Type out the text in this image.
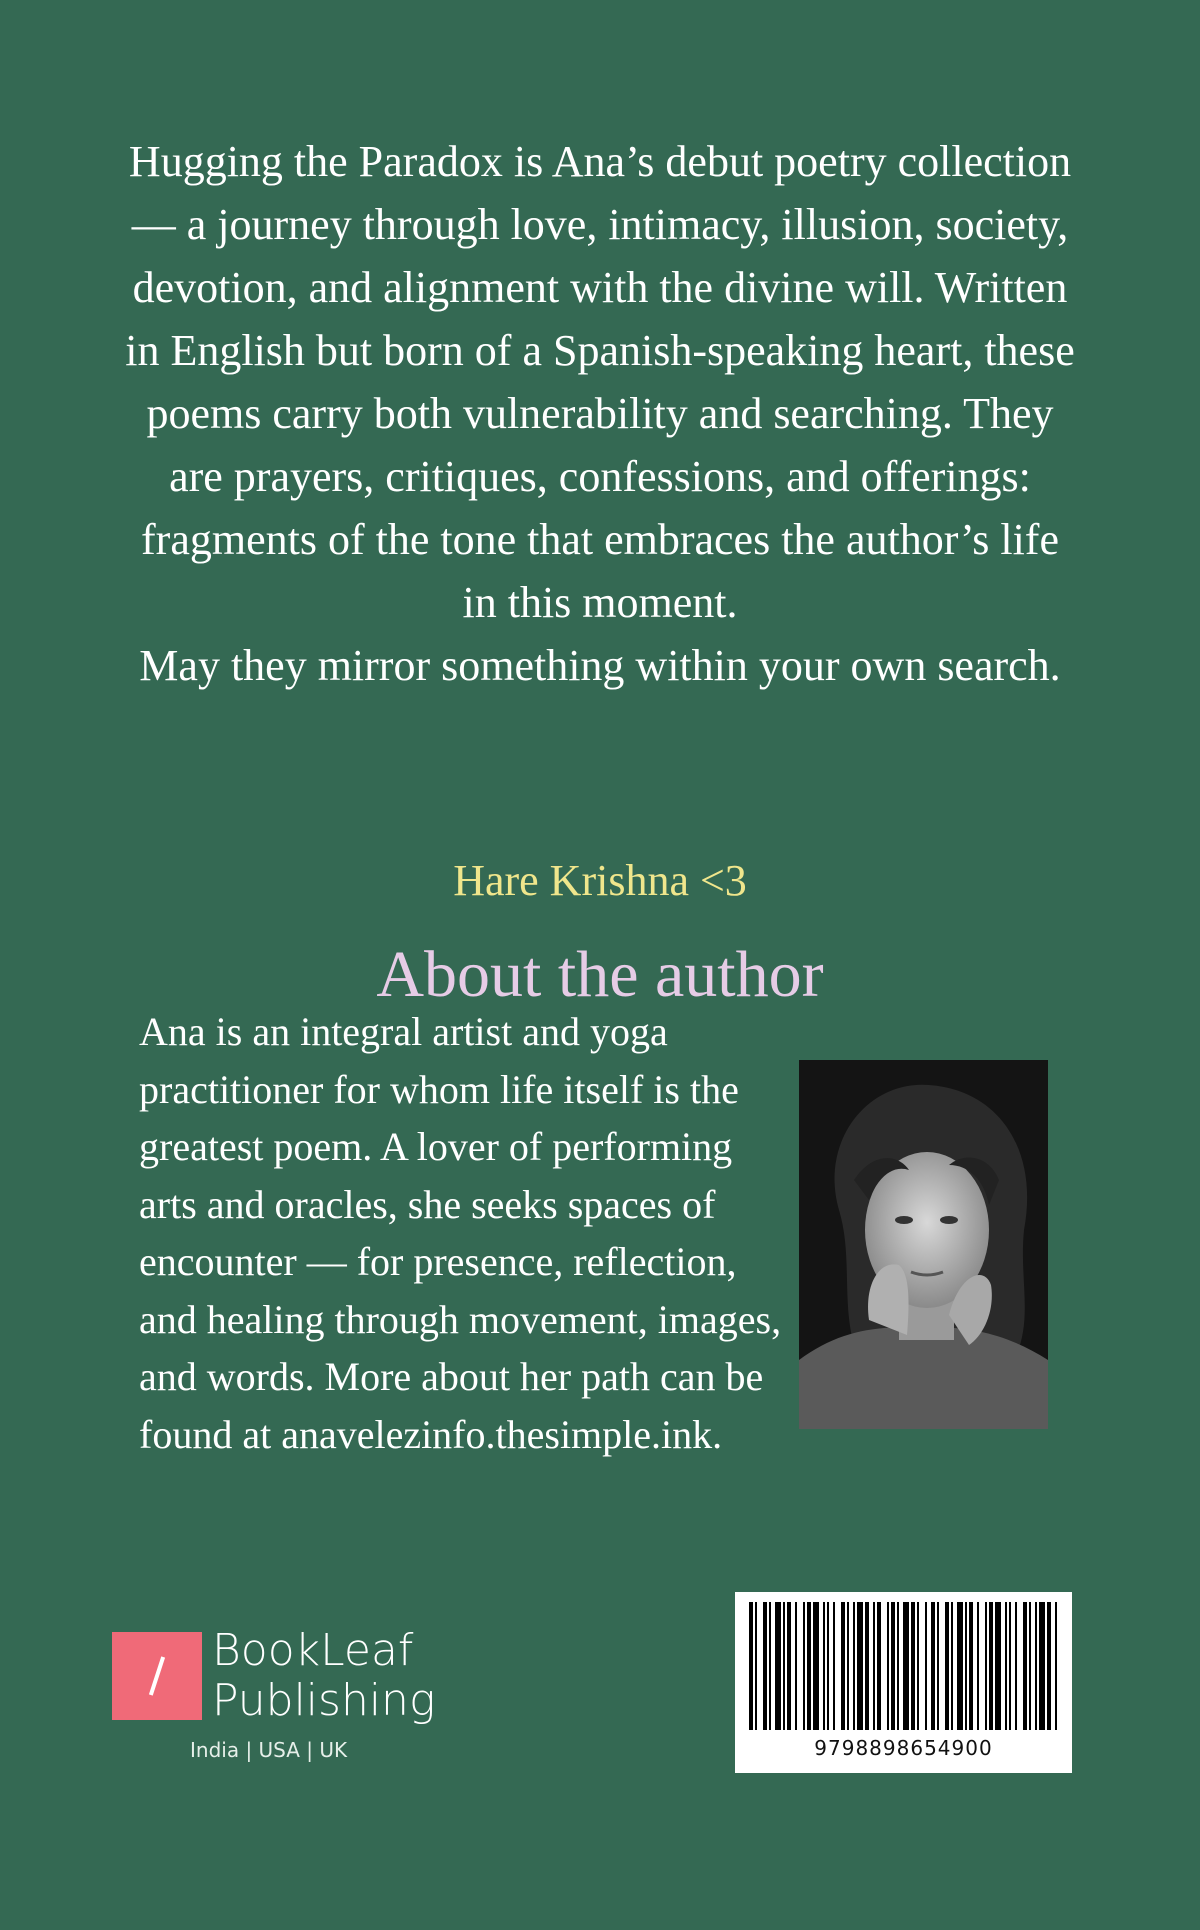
Hugging the Paradox is Ana’s debut poetry collection — a journey through love, intimacy, illusion, society, devotion, and alignment with the divine will. Written in English but born of a Spanish-speaking heart, these poems carry both vulnerability and searching. They are prayers, critiques, confessions, and offerings: fragments of the tone that embraces the author’s life in this moment.

May they mirror something within your own search.

Hare Krishna <3
About the author
Ana is an integral artist and yoga practitioner for whom life itself is the greatest poem. A lover of performing arts and oracles, she seeks spaces of encounter — for presence, reflection, and healing through movement, images, and words. More about her path can be found at anavelezinfo.thesimple.ink.
BookLeaf
Publishing
India | USA | UK	9798898654900
